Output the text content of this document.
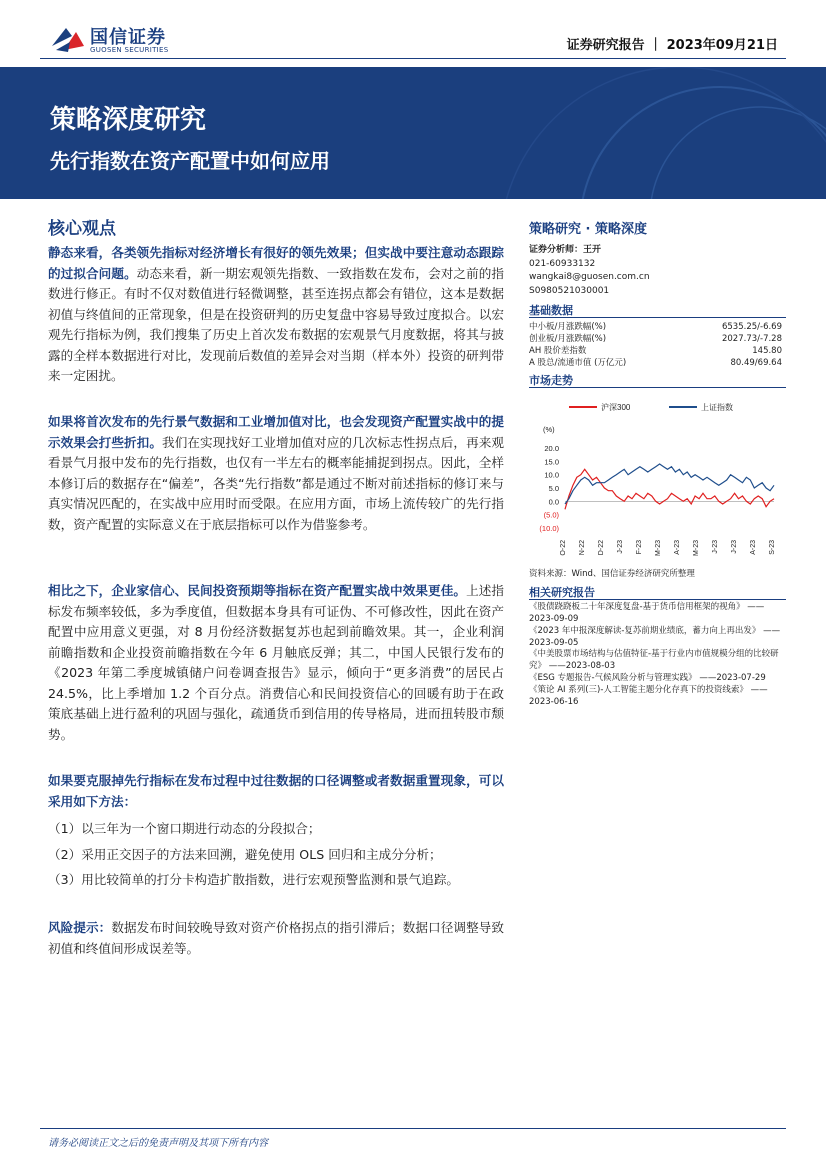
国信证券
GUOSEN SECURITIES	证券研究报告 ｜ 2023年09月21日
策略深度研究
先行指数在资产配置中如何应用
核心观点
静态来看，各类领先指标对经济增长有很好的领先效果；但实战中要注意动态跟踪的过拟合问题。动态来看，新一期宏观领先指数、一致指数在发布，会对之前的指数进行修正。有时不仅对数值进行轻微调整，甚至连拐点都会有错位，这本是数据初值与终值间的正常现象，但是在投资研判的历史复盘中容易导致过度拟合。以宏观先行指标为例，我们搜集了历史上首次发布数据的宏观景气月度数据，将其与披露的全样本数据进行对比，发现前后数值的差异会对当期（样本外）投资的研判带来一定困扰。
如果将首次发布的先行景气数据和工业增加值对比，也会发现资产配置实战中的提示效果会打些折扣。我们在实现找好工业增加值对应的几次标志性拐点后，再来观看景气月报中发布的先行指数，也仅有一半左右的概率能捕捉到拐点。因此，全样本修订后的数据存在“偏差”，各类“先行指数”都是通过不断对前述指标的修订来与真实情况匹配的，在实战中应用时而受限。在应用方面，市场上流传较广的先行指数，资产配置的实际意义在于底层指标可以作为借鉴参考。
相比之下，企业家信心、民间投资预期等指标在资产配置实战中效果更佳。上述指标发布频率较低，多为季度值，但数据本身具有可证伪、不可修改性，因此在资产配置中应用意义更强，对 8 月份经济数据复苏也起到前瞻效果。其一，企业利润前瞻指数和企业投资前瞻指数在今年 6 月触底反弹；其二，中国人民银行发布的《2023 年第二季度城镇储户问卷调查报告》显示，倾向于“更多消费”的居民占 24.5%，比上季增加 1.2 个百分点。消费信心和民间投资信心的回暖有助于在政策底基础上进行盈利的巩固与强化，疏通货币到信用的传导格局，进而扭转股市颓势。
如果要克服掉先行指标在发布过程中过往数据的口径调整或者数据重置现象，可以采用如下方法：
（1）以三年为一个窗口期进行动态的分段拟合；
（2）采用正交因子的方法来回溯，避免使用 OLS 回归和主成分分析；
（3）用比较简单的打分卡构造扩散指数，进行宏观预警监测和景气追踪。
风险提示：数据发布时间较晚导致对资产价格拐点的指引滞后；数据口径调整导致初值和终值间形成误差等。
策略研究 · 策略深度
证券分析师：王开
021-60933132
wangkai8@guosen.com.cn
S0980521030001
基础数据
中小板/月涨跌幅(%)	6535.25/-6.69
创业板/月涨跌幅(%)	2027.73/-7.28
AH 股价差指数	145.80
A 股总/流通市值 (万亿元)	80.49/69.64
市场走势
沪深300	上证指数
(%)
20.0
15.0
10.0
5.0
0.0
(5.0)
(10.0)
O-22 N-22 D-22 J-23 F-23 M-23 A-23 M-23 J-23 J-23 A-23 S-23
资料来源：Wind、国信证券经济研究所整理
相关研究报告
《股债跷跷板二十年深度复盘-基于货币信用框架的视角》 ——2023-09-09
《2023 年中报深度解读-复苏前期业绩底，蓄力向上再出发》 ——2023-09-05
《中美股票市场结构与估值特征-基于行业内市值规模分组的比较研究》 ——2023-08-03
《ESG 专题报告-气候风险分析与管理实践》 ——2023-07-29
《策论 AI 系列(三)-人工智能主题分化存真下的投资线索》 ——2023-06-16
请务必阅读正文之后的免责声明及其项下所有内容
